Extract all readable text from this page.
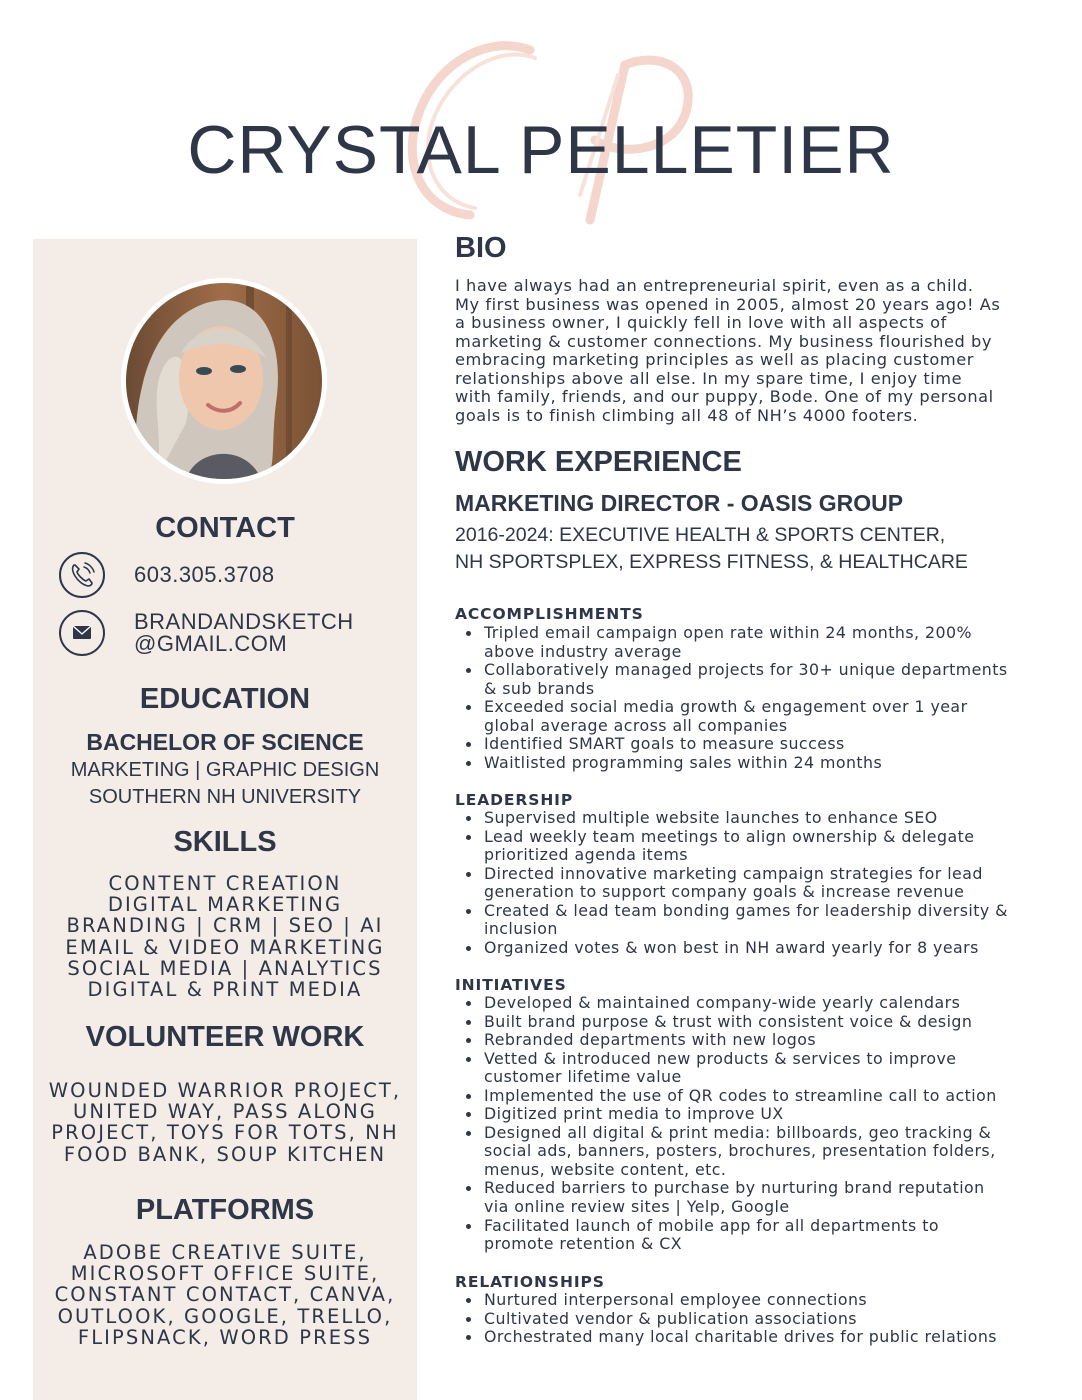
CRYSTAL PELLETIER
CONTACT
603.305.3708
BRANDANDSKETCH
@GMAIL.COM
EDUCATION
BACHELOR OF SCIENCE
MARKETING | GRAPHIC DESIGN
SOUTHERN NH UNIVERSITY
SKILLS
CONTENT CREATION
DIGITAL MARKETING
BRANDING | CRM | SEO | AI
EMAIL & VIDEO MARKETING
SOCIAL MEDIA | ANALYTICS
DIGITAL & PRINT MEDIA
VOLUNTEER WORK
WOUNDED WARRIOR PROJECT,
UNITED WAY, PASS ALONG
PROJECT, TOYS FOR TOTS, NH
FOOD BANK, SOUP KITCHEN
PLATFORMS
ADOBE CREATIVE SUITE,
MICROSOFT OFFICE SUITE,
CONSTANT CONTACT, CANVA,
OUTLOOK, GOOGLE, TRELLO,
FLIPSNACK, WORD PRESS
BIO
I have always had an entrepreneurial spirit, even as a child.
My first business was opened in 2005, almost 20 years ago! As
a business owner, I quickly fell in love with all aspects of
marketing & customer connections. My business flourished by
embracing marketing principles as well as placing customer
relationships above all else. In my spare time, I enjoy time
with family, friends, and our puppy, Bode. One of my personal
goals is to finish climbing all 48 of NH’s 4000 footers.
WORK EXPERIENCE
MARKETING DIRECTOR - OASIS GROUP
2016-2024: EXECUTIVE HEALTH & SPORTS CENTER,
NH SPORTSPLEX, EXPRESS FITNESS, & HEALTHCARE
ACCOMPLISHMENTS
Tripled email campaign open rate within 24 months, 200%
above industry average
Collaboratively managed projects for 30+ unique departments
& sub brands
Exceeded social media growth & engagement over 1 year
global average across all companies
Identified SMART goals to measure success
Waitlisted programming sales within 24 months
LEADERSHIP
Supervised multiple website launches to enhance SEO
Lead weekly team meetings to align ownership & delegate
prioritized agenda items
Directed innovative marketing campaign strategies for lead
generation to support company goals & increase revenue
Created & lead team bonding games for leadership diversity &
inclusion
Organized votes & won best in NH award yearly for 8 years
INITIATIVES
Developed & maintained company-wide yearly calendars
Built brand purpose & trust with consistent voice & design
Rebranded departments with new logos
Vetted & introduced new products & services to improve
customer lifetime value
Implemented the use of QR codes to streamline call to action
Digitized print media to improve UX
Designed all digital & print media: billboards, geo tracking &
social ads, banners, posters, brochures, presentation folders,
menus, website content, etc.
Reduced barriers to purchase by nurturing brand reputation
via online review sites | Yelp, Google
Facilitated launch of mobile app for all departments to
promote retention & CX
RELATIONSHIPS
Nurtured interpersonal employee connections
Cultivated vendor & publication associations
Orchestrated many local charitable drives for public relations
